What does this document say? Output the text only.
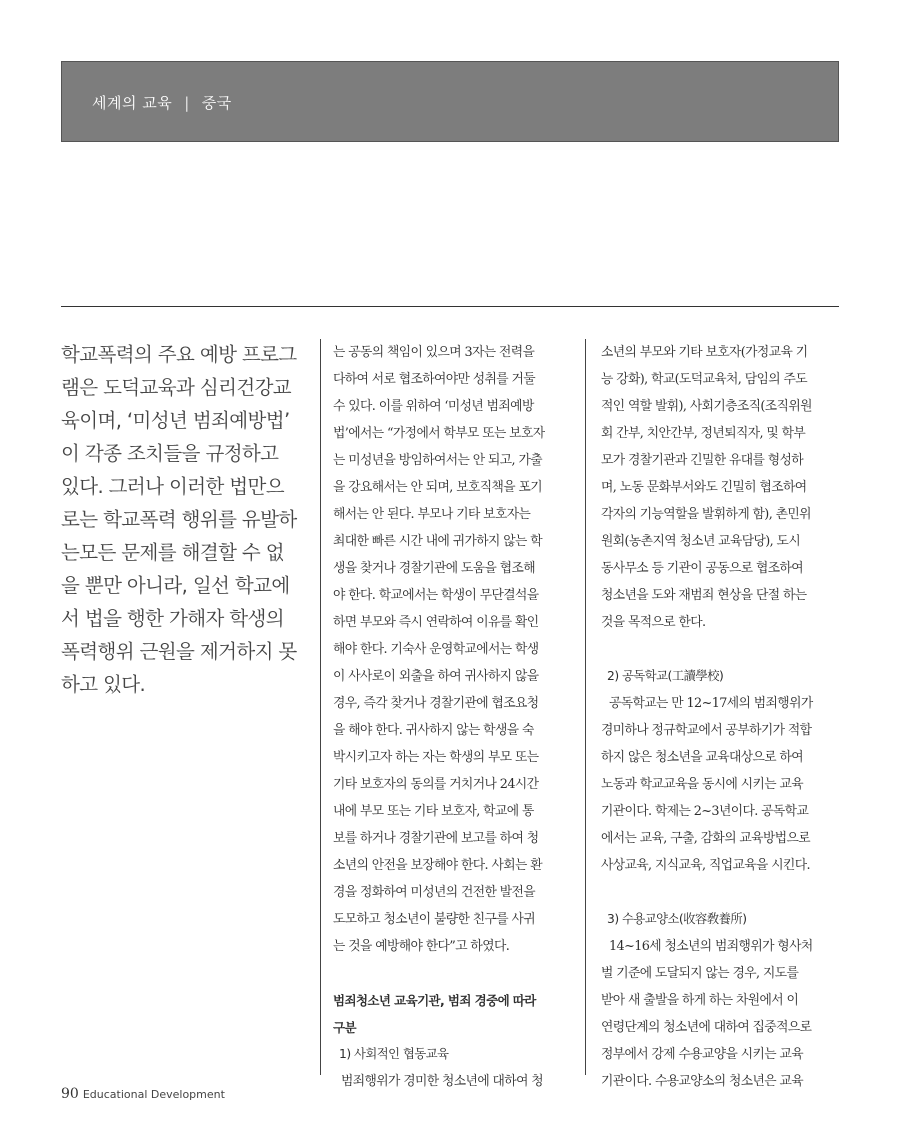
세계의 교육 | 중국
학교폭력의 주요 예방 프로그
램은 도덕교육과 심리건강교
육이며, ‘미성년 범죄예방법’
이 각종 조치들을 규정하고
있다. 그러나 이러한 법만으
로는 학교폭력 행위를 유발하
는모든 문제를 해결할 수 없
을 뿐만 아니라, 일선 학교에
서 법을 행한 가해자 학생의
폭력행위 근원을 제거하지 못
하고 있다.
는 공동의 책임이 있으며 3자는 전력을
다하여 서로 협조하여야만 성취를 거둘
수 있다. 이를 위하여 ‘미성년 범죄예방
법’에서는 “가정에서 학부모 또는 보호자
는 미성년을 방임하여서는 안 되고, 가출
을 강요해서는 안 되며, 보호직책을 포기
해서는 안 된다. 부모나 기타 보호자는
최대한 빠른 시간 내에 귀가하지 않는 학
생을 찾거나 경찰기관에 도움을 협조해
야 한다. 학교에서는 학생이 무단결석을
하면 부모와 즉시 연락하여 이유를 확인
해야 한다. 기숙사 운영학교에서는 학생
이 사사로이 외출을 하여 귀사하지 않을
경우, 즉각 찾거나 경찰기관에 협조요청
을 해야 한다. 귀사하지 않는 학생을 숙
박시키고자 하는 자는 학생의 부모 또는
기타 보호자의 동의를 거치거나 24시간
내에 부모 또는 기타 보호자, 학교에 통
보를 하거나 경찰기관에 보고를 하여 청
소년의 안전을 보장해야 한다. 사회는 환
경을 정화하여 미성년의 건전한 발전을
도모하고 청소년이 불량한 친구를 사귀
는 것을 예방해야 한다”고 하였다.
범죄청소년 교육기관, 범죄 경중에 따라
구분
1) 사회적인 협동교육
범죄행위가 경미한 청소년에 대하여 청
소년의 부모와 기타 보호자(가정교육 기
능 강화), 학교(도덕교육처, 담임의 주도
적인 역할 발휘), 사회기층조직(조직위원
회 간부, 치안간부, 정년퇴직자, 및 학부
모가 경찰기관과 긴밀한 유대를 형성하
며, 노동 문화부서와도 긴밀히 협조하여
각자의 기능역할을 발휘하게 함), 촌민위
원회(농촌지역 청소년 교육담당), 도시
동사무소 등 기관이 공동으로 협조하여
청소년을 도와 재범죄 현상을 단절 하는
것을 목적으로 한다.
2) 공독학교(工讀學校)
공독학교는 만 12~17세의 범죄행위가
경미하나 정규학교에서 공부하기가 적합
하지 않은 청소년을 교육대상으로 하여
노동과 학교교육을 동시에 시키는 교육
기관이다. 학제는 2~3년이다. 공독학교
에서는 교육, 구출, 감화의 교육방법으로
사상교육, 지식교육, 직업교육을 시킨다.
3) 수용교양소(收容敎養所)
14~16세 청소년의 범죄행위가 형사처
벌 기준에 도달되지 않는 경우, 지도를
받아 새 출발을 하게 하는 차원에서 이
연령단계의 청소년에 대하여 집중적으로
정부에서 강제 수용교양을 시키는 교육
기관이다. 수용교양소의 청소년은 교육
90 Educational Development
